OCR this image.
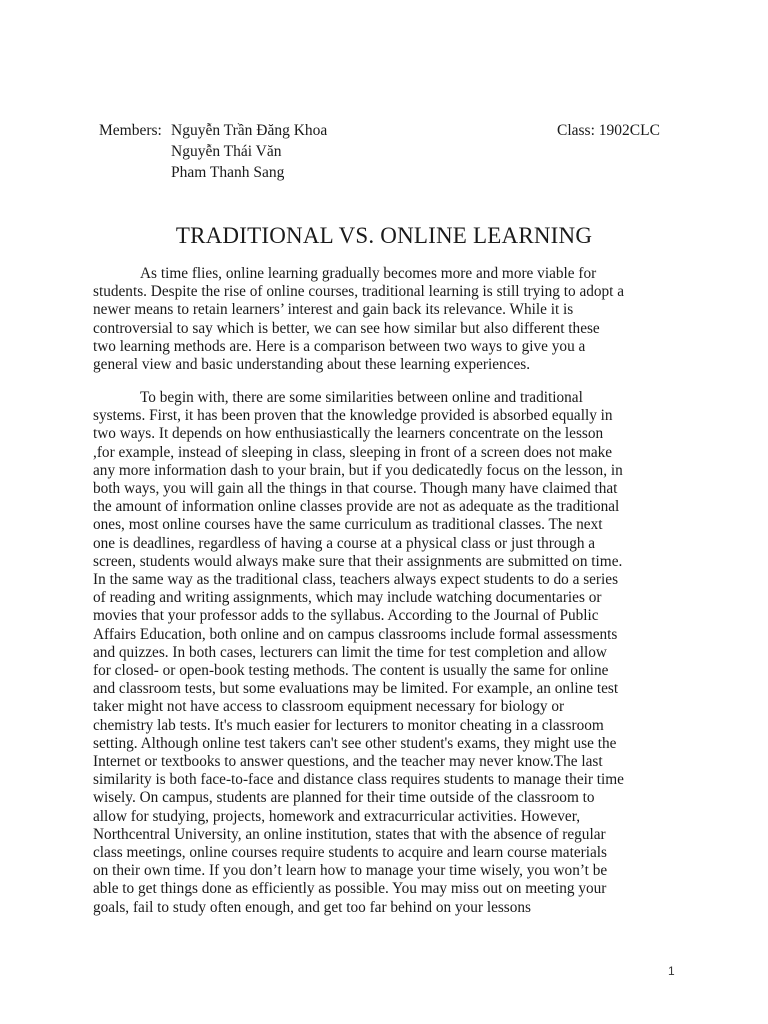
Members: Nguyễn Trần Đăng Khoa
Nguyễn Thái Văn
Pham Thanh Sang
Class: 1902CLC
TRADITIONAL VS. ONLINE LEARNING
As time flies, online learning gradually becomes more and more viable for
students. Despite the rise of online courses, traditional learning is still trying to adopt a
newer means to retain learners’ interest and gain back its relevance. While it is
controversial to say which is better, we can see how similar but also different these
two learning methods are. Here is a comparison between two ways to give you a
general view and basic understanding about these learning experiences.
To begin with, there are some similarities between online and traditional
systems. First, it has been proven that the knowledge provided is absorbed equally in
two ways. It depends on how enthusiastically the learners concentrate on the lesson
,for example, instead of sleeping in class, sleeping in front of a screen does not make
any more information dash to your brain, but if you dedicatedly focus on the lesson, in
both ways, you will gain all the things in that course. Though many have claimed that
the amount of information online classes provide are not as adequate as the traditional
ones, most online courses have the same curriculum as traditional classes. The next
one is deadlines, regardless of having a course at a physical class or just through a
screen, students would always make sure that their assignments are submitted on time.
In the same way as the traditional class, teachers always expect students to do a series
of reading and writing assignments, which may include watching documentaries or
movies that your professor adds to the syllabus. According to the Journal of Public
Affairs Education, both online and on campus classrooms include formal assessments
and quizzes. In both cases, lecturers can limit the time for test completion and allow
for closed- or open-book testing methods. The content is usually the same for online
and classroom tests, but some evaluations may be limited. For example, an online test
taker might not have access to classroom equipment necessary for biology or
chemistry lab tests. It's much easier for lecturers to monitor cheating in a classroom
setting. Although online test takers can't see other student's exams, they might use the
Internet or textbooks to answer questions, and the teacher may never know.The last
similarity is both face-to-face and distance class requires students to manage their time
wisely. On campus, students are planned for their time outside of the classroom to
allow for studying, projects, homework and extracurricular activities. However,
Northcentral University, an online institution, states that with the absence of regular
class meetings, online courses require students to acquire and learn course materials
on their own time. If you don’t learn how to manage your time wisely, you won’t be
able to get things done as efficiently as possible. You may miss out on meeting your
goals, fail to study often enough, and get too far behind on your lessons
1
